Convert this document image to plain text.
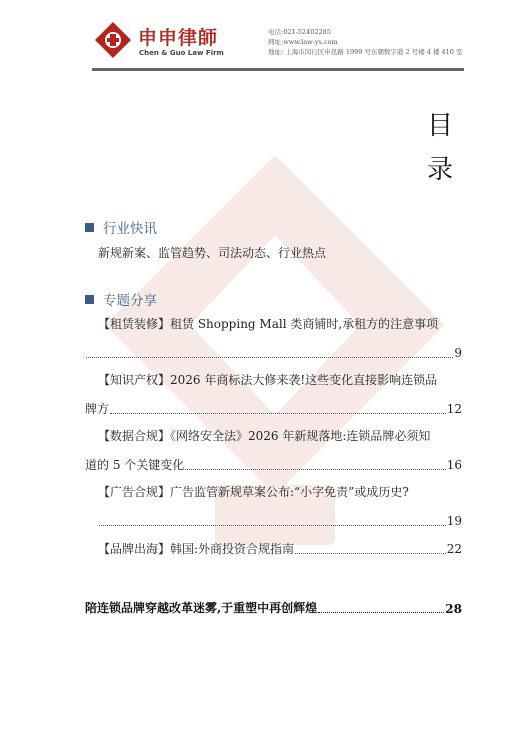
申申律師
Chen & Guo Law Firm
电话:021-52402285
网址:www.law-ys.com
地址: 上海市闵行区申昆路 1999 号东朝数字港 2 号楼 4 楼 410 室
目
录
行业快讯
新规新案、监管趋势、司法动态、行业热点
专题分享
【租赁装修】租赁 Shopping Mall 类商铺时,承租方的注意事项
9
【知识产权】2026 年商标法大修来袭!这些变化直接影响连锁品
牌方	12
【数据合规】《网络安全法》2026 年新规落地:连锁品牌必须知
道的 5 个关键变化	16
【广告合规】广告监管新规草案公布:“小字免责”或成历史?
19
【品牌出海】韩国:外商投资合规指南	22
陪连锁品牌穿越改革迷雾,于重塑中再创辉煌	28
